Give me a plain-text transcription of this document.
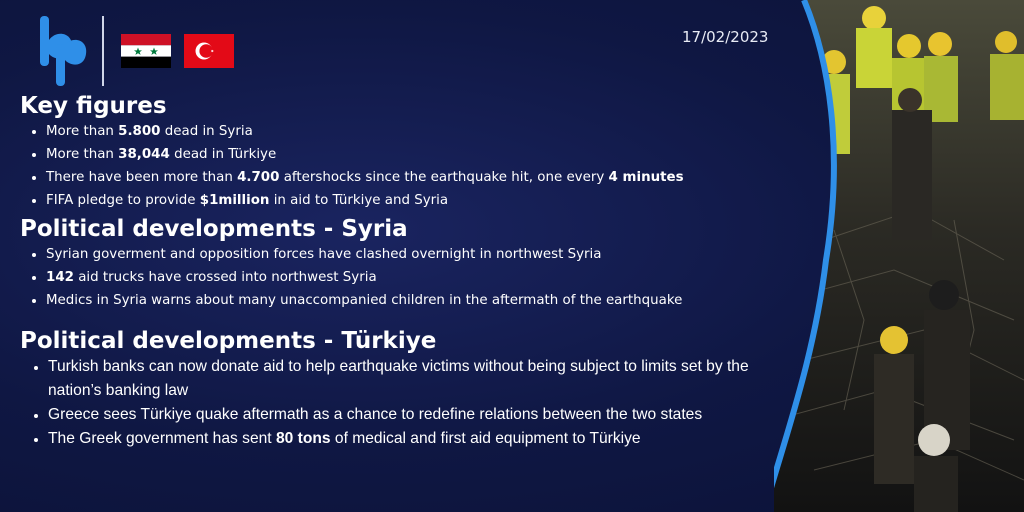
17/02/2023
Key figures
• More than 5.800 dead in Syria
• More than 38,044 dead in Türkiye
• There have been more than 4.700 aftershocks since the earthquake hit, one every 4 minutes
• FIFA pledge to provide $1million in aid to Türkiye and Syria
Political developments - Syria
• Syrian goverment and opposition forces have clashed overnight in northwest Syria
• 142 aid trucks have crossed into northwest Syria
• Medics in Syria warns about many unaccompanied children in the aftermath of the earthquake
Political developments - Türkiye
• Turkish banks can now donate aid to help earthquake victims without being subject to limits set by the nation’s banking law
• Greece sees Türkiye quake aftermath as a chance to redefine relations between the two states
• The Greek government has sent 80 tons of medical and first aid equipment to Türkiye
